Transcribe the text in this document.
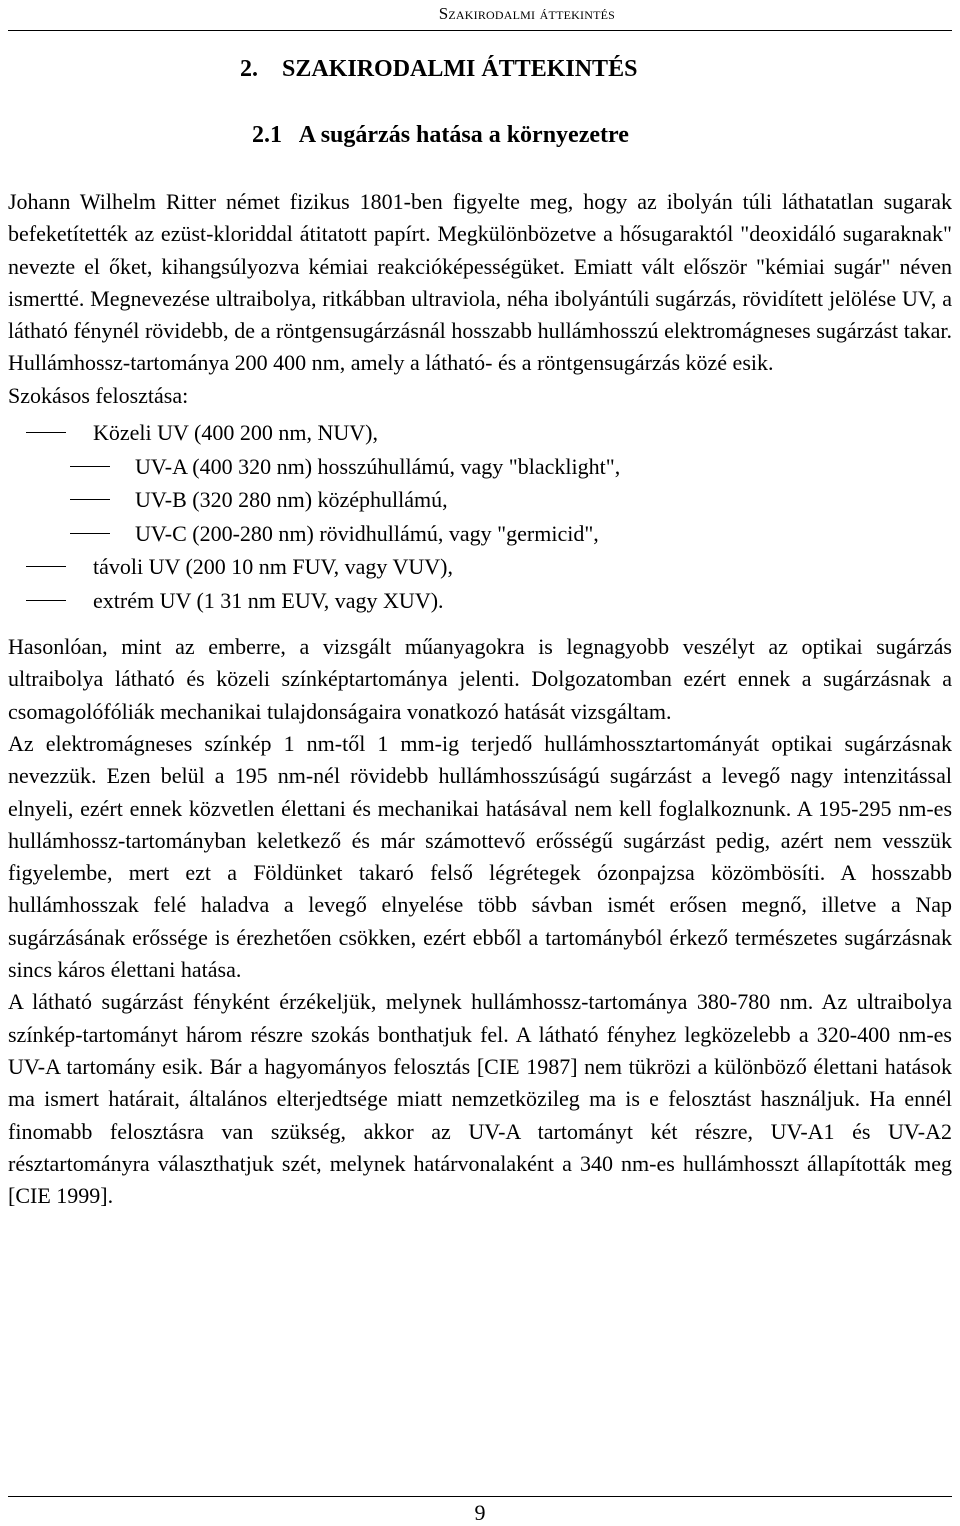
Szakirodalmi áttekintés
2. SZAKIRODALMI ÁTTEKINTÉS
2.1 A sugárzás hatása a környezetre

Johann Wilhelm Ritter német fizikus 1801-ben figyelte meg, hogy az ibolyán túli láthatatlan sugarak befeketítették az ezüst-kloriddal átitatott papírt. Megkülönbözetve a hősugaraktól "deoxidáló sugaraknak" nevezte el őket, kihangsúlyozva kémiai reakcióképességüket. Emiatt vált először "kémiai sugár" néven ismertté. Megnevezése ultraibolya, ritkábban ultraviola, néha ibolyántúli sugárzás, rövidített jelölése UV, a látható fénynél rövidebb, de a röntgensugárzásnál hosszabb hullámhosszú elektromágneses sugárzást takar. Hullámhossz-tartománya 200 400 nm, amely a látható- és a röntgensugárzás közé esik.

Szokásos felosztása:

Közeli UV (400 200 nm, NUV),
UV-A (400 320 nm) hosszúhullámú, vagy "blacklight",
UV-B (320 280 nm) középhullámú,
UV-C (200-280 nm) rövidhullámú, vagy "germicid",
távoli UV (200 10 nm FUV, vagy VUV),
extrém UV (1 31 nm EUV, vagy XUV).

Hasonlóan, mint az emberre, a vizsgált műanyagokra is legnagyobb veszélyt az optikai sugárzás ultraibolya látható és közeli színképtartománya jelenti. Dolgozatomban ezért ennek a sugárzásnak a csomagolófóliák mechanikai tulajdonságaira vonatkozó hatását vizsgáltam.

Az elektromágneses színkép 1 nm-től 1 mm-ig terjedő hullámhossztartományát optikai sugárzásnak nevezzük. Ezen belül a 195 nm-nél rövidebb hullámhosszúságú sugárzást a levegő nagy intenzitással elnyeli, ezért ennek közvetlen élettani és mechanikai hatásával nem kell foglalkoznunk. A 195-295 nm-es hullámhossz-tartományban keletkező és már számottevő erősségű sugárzást pedig, azért nem vesszük figyelembe, mert ezt a Földünket takaró felső légrétegek ózonpajzsa közömbösíti. A hosszabb hullámhosszak felé haladva a levegő elnyelése több sávban ismét erősen megnő, illetve a Nap sugárzásának erőssége is érezhetően csökken, ezért ebből a tartományból érkező természetes sugárzásnak sincs káros élettani hatása.

A látható sugárzást fényként érzékeljük, melynek hullámhossz-tartománya 380-780 nm. Az ultraibolya színkép-tartományt három részre szokás bonthatjuk fel. A látható fényhez legközelebb a 320-400 nm-es UV-A tartomány esik. Bár a hagyományos felosztás [CIE 1987] nem tükrözi a különböző élettani hatások ma ismert határait, általános elterjedtsége miatt nemzetközileg ma is e felosztást használjuk. Ha ennél finomabb felosztásra van szükség, akkor az UV-A tartományt két részre, UV-A1 és UV-A2 résztartományra választhatjuk szét, melynek határvonalaként a 340 nm-es hullámhosszt állapították meg [CIE 1999].

9
